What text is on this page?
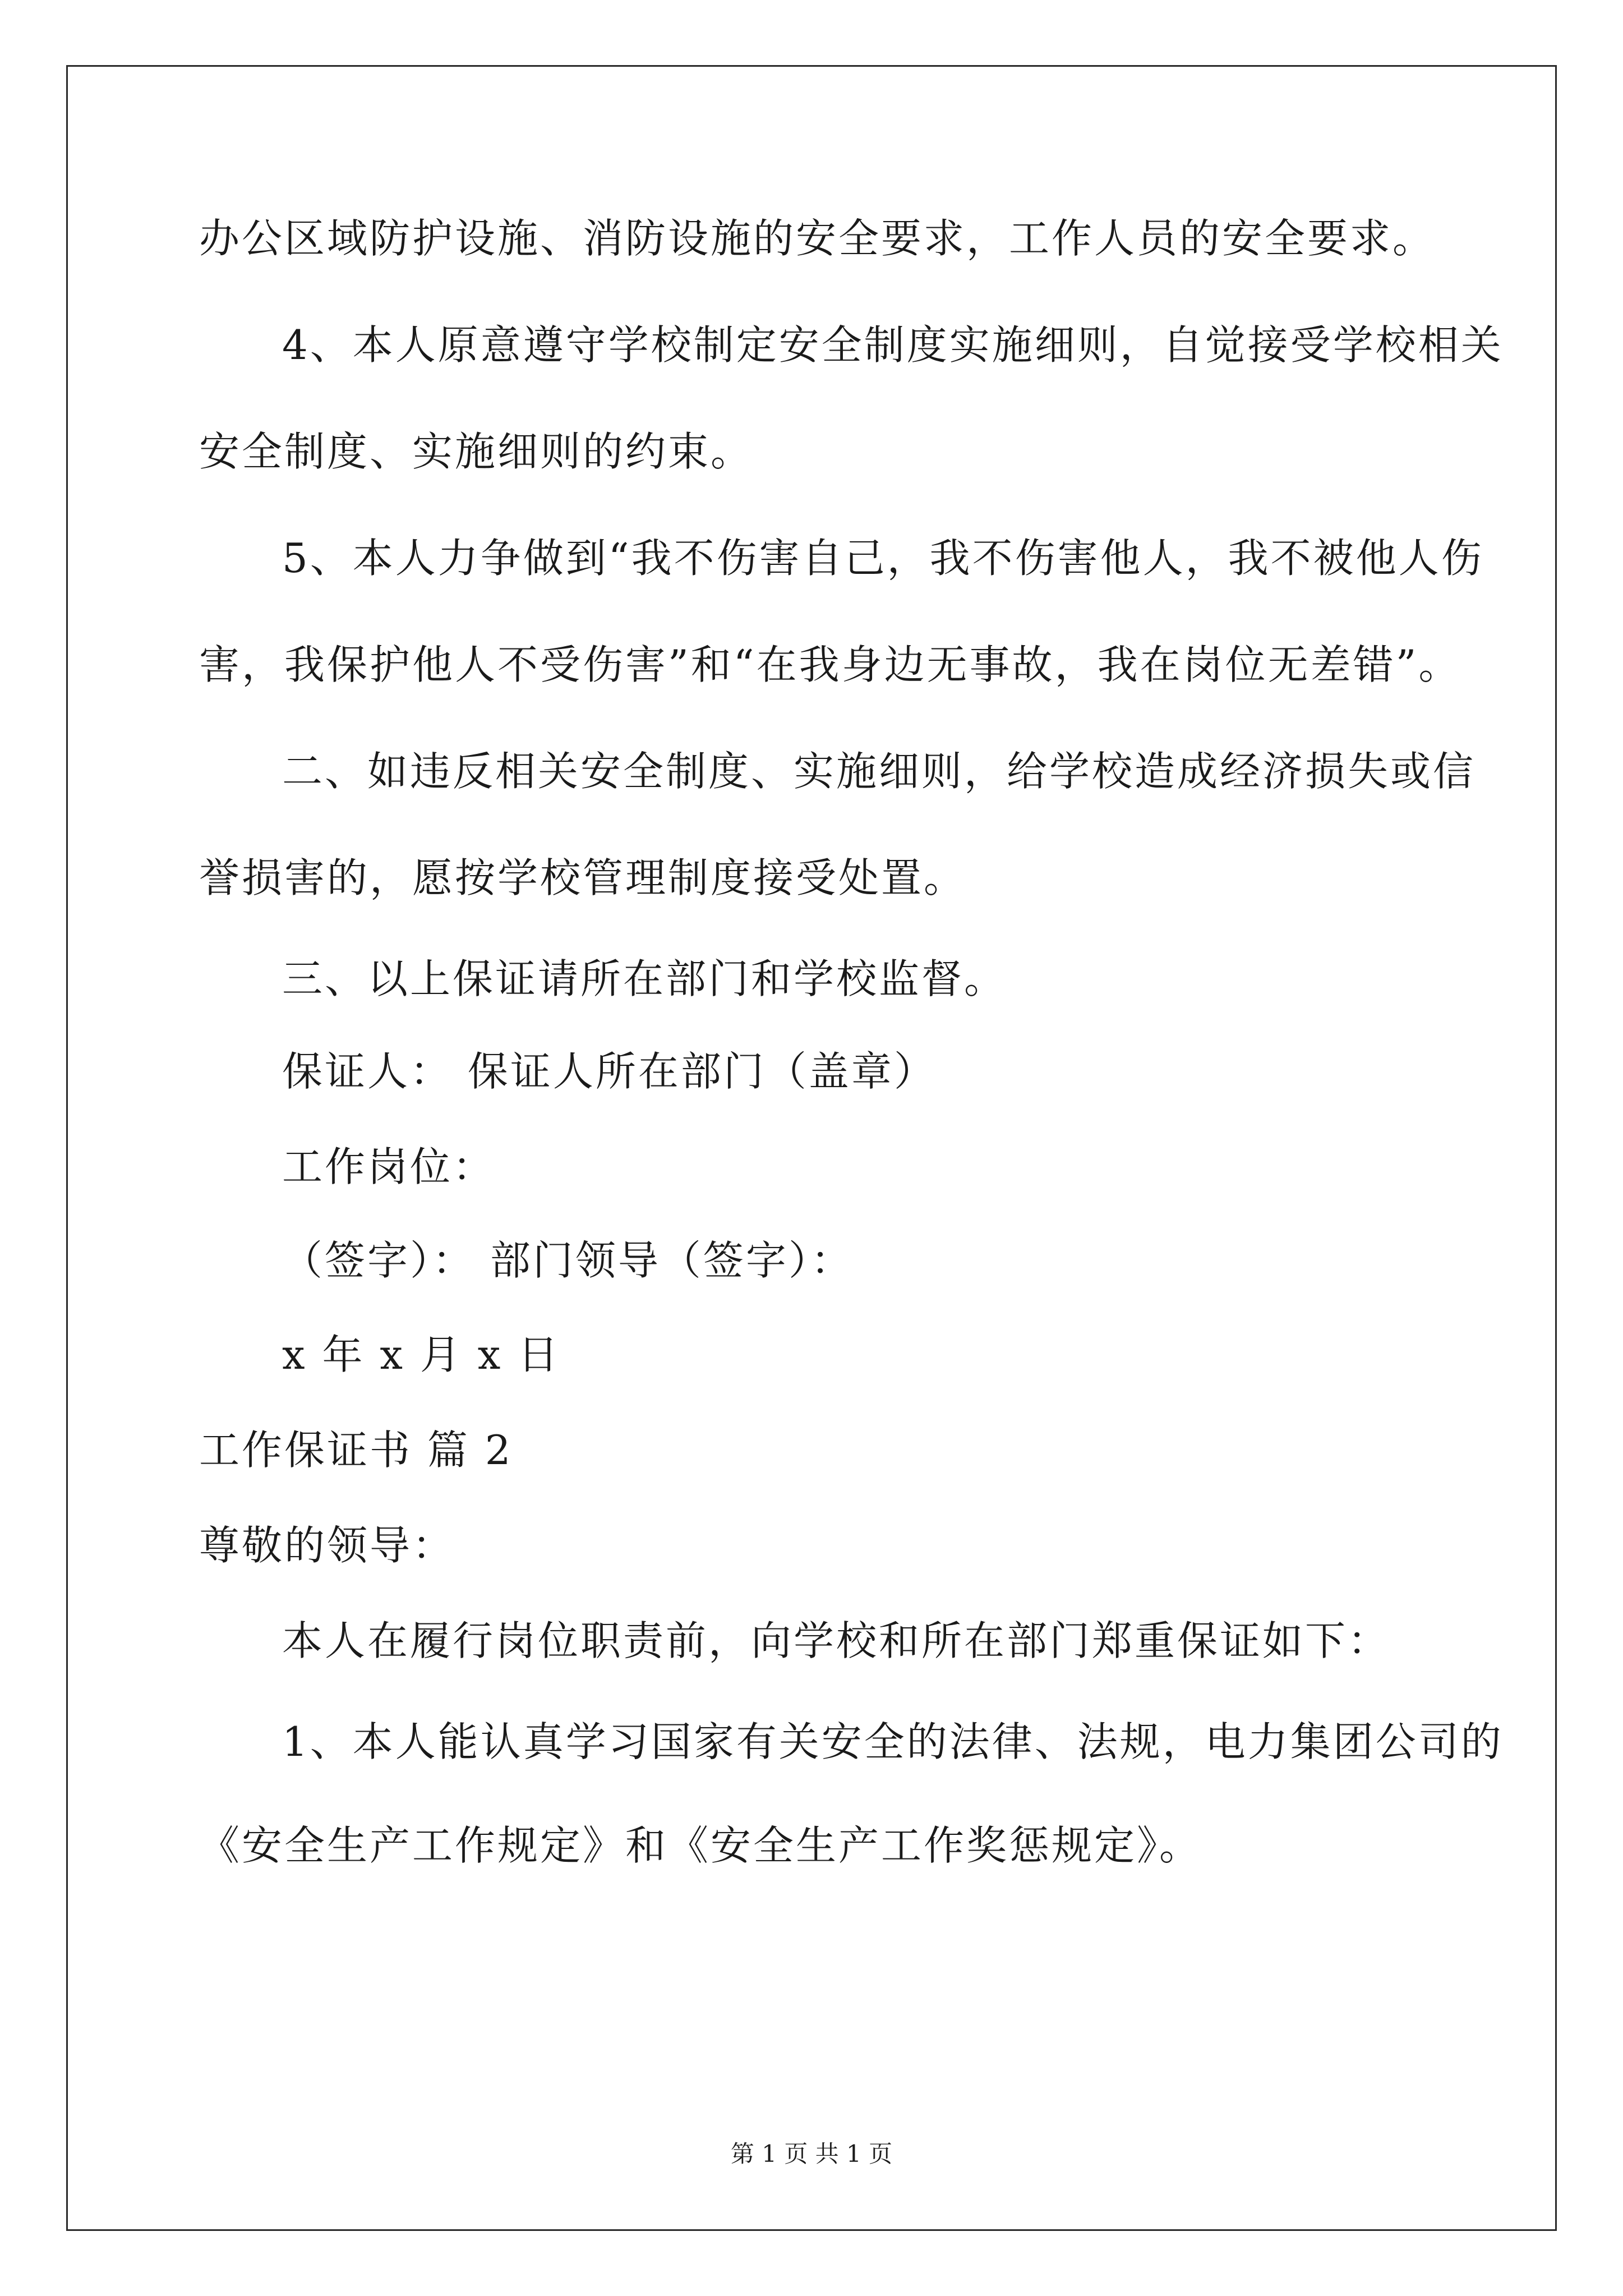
办公区域防护设施、消防设施的安全要求，工作人员的安全要求。
4、本人原意遵守学校制定安全制度实施细则，自觉接受学校相关
安全制度、实施细则的约束。
5、本人力争做到“我不伤害自己，我不伤害他人，我不被他人伤
害，我保护他人不受伤害”和“在我身边无事故，我在岗位无差错”。
二、如违反相关安全制度、实施细则，给学校造成经济损失或信
誉损害的，愿按学校管理制度接受处置。
三、以上保证请所在部门和学校监督。
保证人： 保证人所在部门（盖章）
工作岗位：
（签字）： 部门领导（签字）：
x 年 x 月 x 日
工作保证书 篇 2
尊敬的领导：
本人在履行岗位职责前，向学校和所在部门郑重保证如下：
1、本人能认真学习国家有关安全的法律、法规，电力集团公司的
《安全生产工作规定》和《安全生产工作奖惩规定》。
第 1 页 共 1 页
